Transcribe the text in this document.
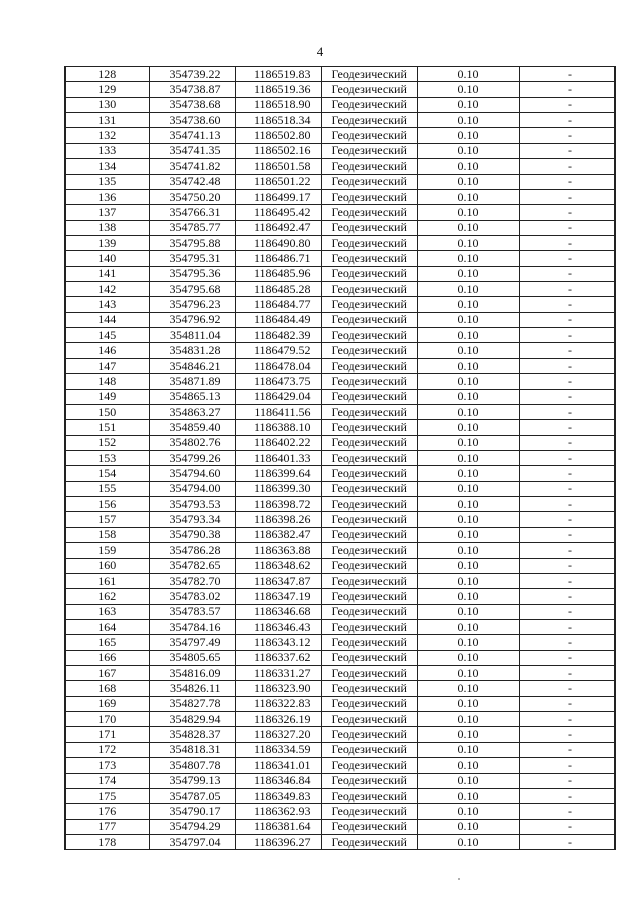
4
128	354739.22	1186519.83	Геодезический	0.10	-
129	354738.87	1186519.36	Геодезический	0.10	-
130	354738.68	1186518.90	Геодезический	0.10	-
131	354738.60	1186518.34	Геодезический	0.10	-
132	354741.13	1186502.80	Геодезический	0.10	-
133	354741.35	1186502.16	Геодезический	0.10	-
134	354741.82	1186501.58	Геодезический	0.10	-
135	354742.48	1186501.22	Геодезический	0.10	-
136	354750.20	1186499.17	Геодезический	0.10	-
137	354766.31	1186495.42	Геодезический	0.10	-
138	354785.77	1186492.47	Геодезический	0.10	-
139	354795.88	1186490.80	Геодезический	0.10	-
140	354795.31	1186486.71	Геодезический	0.10	-
141	354795.36	1186485.96	Геодезический	0.10	-
142	354795.68	1186485.28	Геодезический	0.10	-
143	354796.23	1186484.77	Геодезический	0.10	-
144	354796.92	1186484.49	Геодезический	0.10	-
145	354811.04	1186482.39	Геодезический	0.10	-
146	354831.28	1186479.52	Геодезический	0.10	-
147	354846.21	1186478.04	Геодезический	0.10	-
148	354871.89	1186473.75	Геодезический	0.10	-
149	354865.13	1186429.04	Геодезический	0.10	-
150	354863.27	1186411.56	Геодезический	0.10	-
151	354859.40	1186388.10	Геодезический	0.10	-
152	354802.76	1186402.22	Геодезический	0.10	-
153	354799.26	1186401.33	Геодезический	0.10	-
154	354794.60	1186399.64	Геодезический	0.10	-
155	354794.00	1186399.30	Геодезический	0.10	-
156	354793.53	1186398.72	Геодезический	0.10	-
157	354793.34	1186398.26	Геодезический	0.10	-
158	354790.38	1186382.47	Геодезический	0.10	-
159	354786.28	1186363.88	Геодезический	0.10	-
160	354782.65	1186348.62	Геодезический	0.10	-
161	354782.70	1186347.87	Геодезический	0.10	-
162	354783.02	1186347.19	Геодезический	0.10	-
163	354783.57	1186346.68	Геодезический	0.10	-
164	354784.16	1186346.43	Геодезический	0.10	-
165	354797.49	1186343.12	Геодезический	0.10	-
166	354805.65	1186337.62	Геодезический	0.10	-
167	354816.09	1186331.27	Геодезический	0.10	-
168	354826.11	1186323.90	Геодезический	0.10	-
169	354827.78	1186322.83	Геодезический	0.10	-
170	354829.94	1186326.19	Геодезический	0.10	-
171	354828.37	1186327.20	Геодезический	0.10	-
172	354818.31	1186334.59	Геодезический	0.10	-
173	354807.78	1186341.01	Геодезический	0.10	-
174	354799.13	1186346.84	Геодезический	0.10	-
175	354787.05	1186349.83	Геодезический	0.10	-
176	354790.17	1186362.93	Геодезический	0.10	-
177	354794.29	1186381.64	Геодезический	0.10	-
178	354797.04	1186396.27	Геодезический	0.10	-
